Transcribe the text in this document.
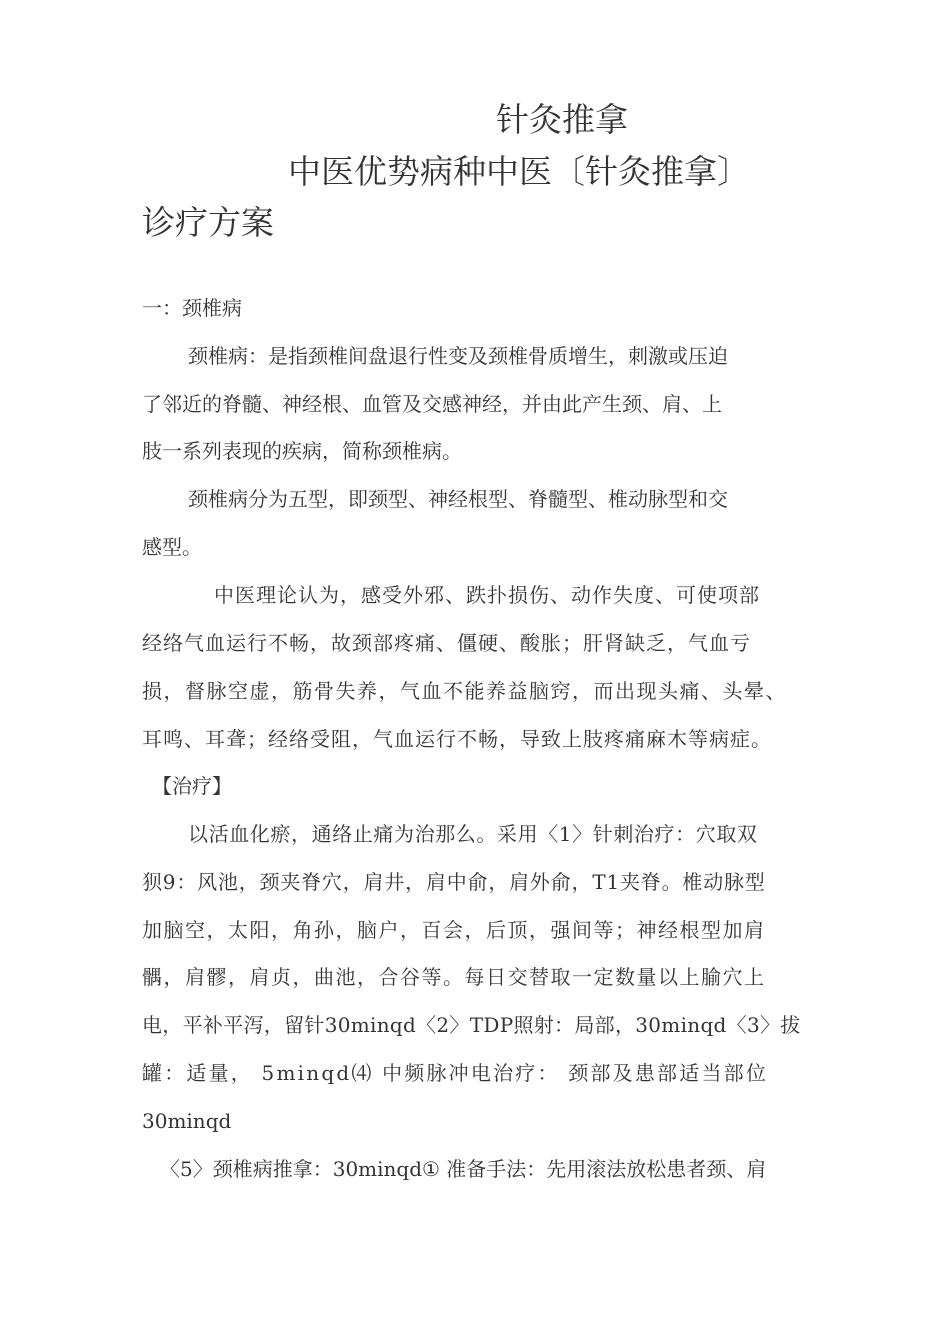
针灸推拿
中医优势病种中医〔针灸推拿〕
诊疗方案
一：颈椎病
颈椎病：是指颈椎间盘退行性变及颈椎骨质增生，刺激或压迫
了邻近的脊髓、神经根、血管及交感神经，并由此产生颈、肩、上
肢一系列表现的疾病，简称颈椎病。
颈椎病分为五型，即颈型、神经根型、脊髓型、椎动脉型和交
感型。
中医理论认为，感受外邪、跌扑损伤、动作失度、可使项部
经络气血运行不畅，故颈部疼痛、僵硬、酸胀；肝肾缺乏，气血亏
损，督脉空虚，筋骨失养，气血不能养益脑窍，而出现头痛、头晕、
耳鸣、耳聋；经络受阻，气血运行不畅，导致上肢疼痛麻木等病症。
【治疗】
以活血化瘀，通络止痛为治那么。采用〈1〉针刺治疗：穴取双
狈9：风池，颈夹脊穴，肩井，肩中俞，肩外俞，T1夹脊。椎动脉型
加脑空，太阳，角孙，脑户，百会，后顶，强间等；神经根型加肩
髃，肩髎，肩贞，曲池，合谷等。每日交替取一定数量以上腧穴上
电，平补平泻，留针30minqd〈2〉TDP照射：局部，30minqd〈3〉拔
罐：适量， 5minqd⑷ 中频脉冲电治疗： 颈部及患部适当部位
30minqd
〈5〉颈椎病推拿：30minqd① 准备手法：先用滚法放松患者颈、肩
